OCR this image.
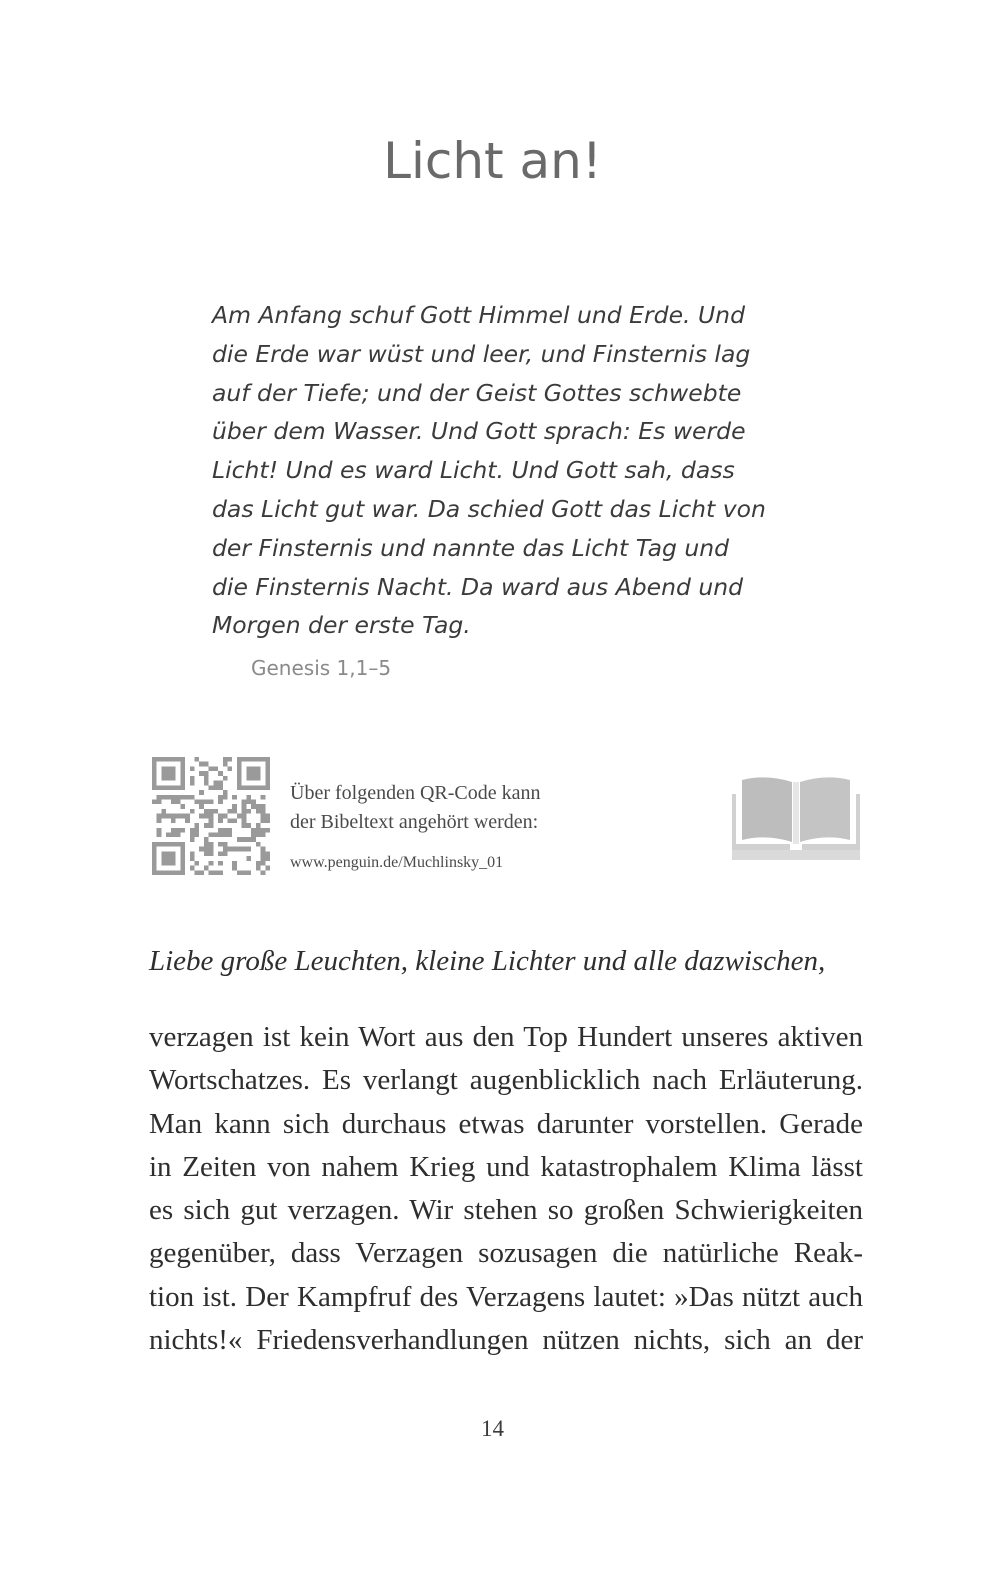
Licht an!
Am Anfang schuf Gott Himmel und Erde. Und
die Erde war wüst und leer, und Finsternis lag
auf der Tiefe; und der Geist Gottes schwebte
über dem Wasser. Und Gott sprach: Es werde
Licht! Und es ward Licht. Und Gott sah, dass
das Licht gut war. Da schied Gott das Licht von
der Finsternis und nannte das Licht Tag und
die Finsternis Nacht. Da ward aus Abend und
Morgen der erste Tag.
Genesis 1,1–5
Über folgenden QR-Code kann
der Bibeltext angehört werden:
www.penguin.de/Muchlinsky_01
Liebe große Leuchten, kleine Lichter und alle dazwischen,
verzagen ist kein Wort aus den Top Hundert unseres aktiven
Wortschatzes. Es verlangt augenblicklich nach Erläuterung.
Man kann sich durchaus etwas darunter vorstellen. Gerade
in Zeiten von nahem Krieg und katastrophalem Klima lässt
es sich gut verzagen. Wir stehen so großen Schwierigkeiten
gegenüber, dass Verzagen sozusagen die natürliche Reak-
tion ist. Der Kampfruf des Verzagens lautet: »Das nützt auch
nichts!« Friedensverhandlungen nützen nichts, sich an der
14
